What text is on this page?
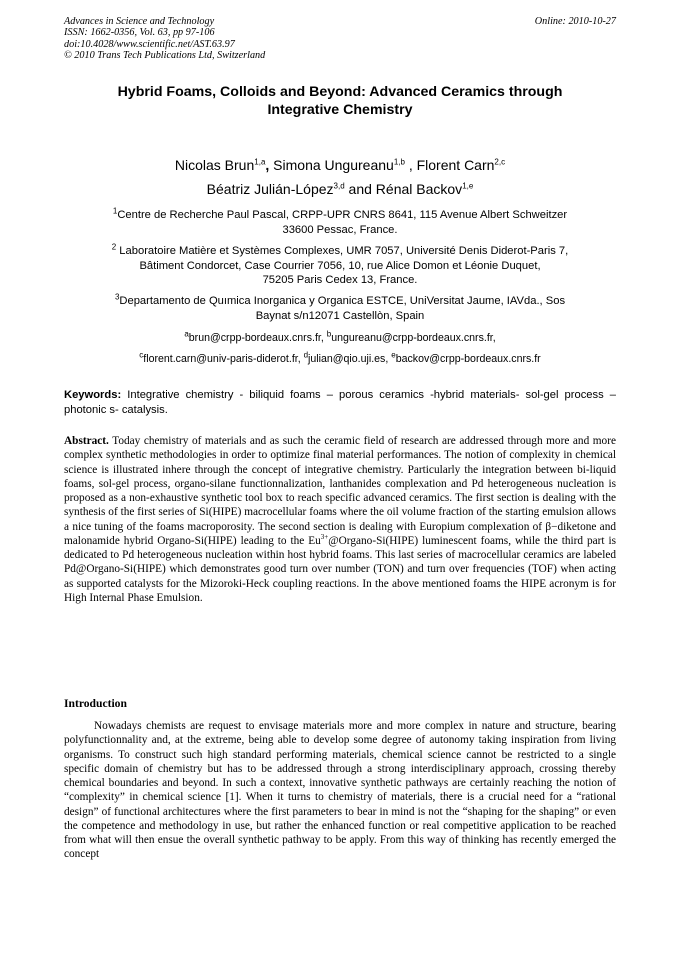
Advances in Science and Technology
ISSN: 1662-0356, Vol. 63, pp 97-106
doi:10.4028/www.scientific.net/AST.63.97
© 2010 Trans Tech Publications Ltd, Switzerland
Online: 2010-10-27
Hybrid Foams, Colloids and Beyond: Advanced Ceramics through
Integrative Chemistry
Nicolas Brun$^{1,a}$, Simona Ungureanu$^{1,b}$ , Florent Carn$^{2,c}$
Béatriz Julián-López$^{3,d}$ and Rénal Backov$^{1,e}$
$^1$Centre de Recherche Paul Pascal, CRPP-UPR CNRS 8641, 115 Avenue Albert Schweitzer
33600 Pessac, France.
$^2$ Laboratoire Matière et Systèmes Complexes, UMR 7057, Université Denis Diderot-Paris 7,
Bâtiment Condorcet, Case Courrier 7056, 10, rue Alice Domon et Léonie Duquet,
75205 Paris Cedex 13, France.
$^3$Departamento de Quımica Inorganica y Organica ESTCE, UniVersitat Jaume, IAVda., Sos
Baynat s/n12071 Castellòn, Spain
$^a$brun@crpp-bordeaux.cnrs.fr, $^b$ungureanu@crpp-bordeaux.cnrs.fr,
$^c$florent.carn@univ-paris-diderot.fr, $^d$julian@qio.uji.es, $^e$backov@crpp-bordeaux.cnrs.fr
Keywords: Integrative chemistry - biliquid foams – porous ceramics -hybrid materials- sol-gel process – photonic s- catalysis.
Abstract. Today chemistry of materials and as such the ceramic field of research are addressed through more and more complex synthetic methodologies in order to optimize final material performances. The notion of complexity in chemical science is illustrated inhere through the concept of integrative chemistry. Particularly the integration between bi-liquid foams, sol-gel process, organo-silane functionnalization, lanthanides complexation and Pd heterogeneous nucleation is proposed as a non-exhaustive synthetic tool box to reach specific advanced ceramics. The first section is dealing with the synthesis of the first series of Si(HIPE) macrocellular foams where the oil volume fraction of the starting emulsion allows a nice tuning of the foams macroporosity. The second section is dealing with Europium complexation of β−diketone and malonamide hybrid Organo-Si(HIPE) leading to the $Eu^{3+}@Organo-Si(HIPE)$ luminescent foams, while the third part is dedicated to Pd heterogeneous nucleation within host hybrid foams. This last series of macrocellular ceramics are labeled Pd@Organo-Si(HIPE) which demonstrates good turn over number (TON) and turn over frequencies (TOF) when acting as supported catalysts for the Mizoroki-Heck coupling reactions. In the above mentioned foams the HIPE acronym is for High Internal Phase Emulsion.
Introduction
Nowadays chemists are request to envisage materials more and more complex in nature and structure, bearing polyfunctionnality and, at the extreme, being able to develop some degree of autonomy taking inspiration from living organisms. To construct such high standard performing materials, chemical science cannot be restricted to a single specific domain of chemistry but has to be addressed through a strong interdisciplinary approach, crossing thereby chemical boundaries and beyond. In such a context, innovative synthetic pathways are certainly reaching the notion of “complexity” in chemical science [1]. When it turns to chemistry of materials, there is a crucial need for a “rational design” of functional architectures where the first parameters to bear in mind is not the “shaping for the shaping” or even the competence and methodology in use, but rather the enhanced function or real competitive application to be reached from what will then ensue the overall synthetic pathway to be apply. From this way of thinking has recently emerged the concept
